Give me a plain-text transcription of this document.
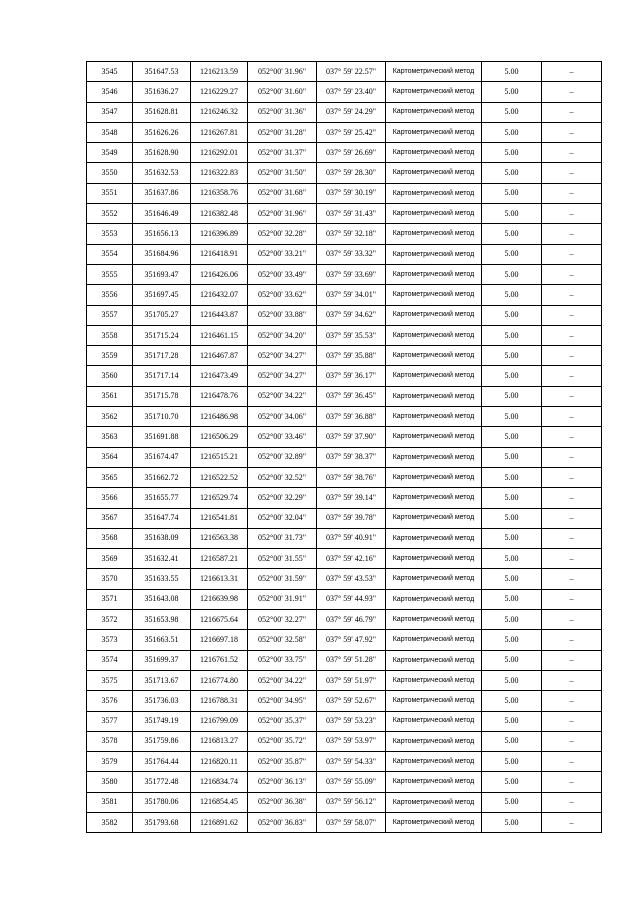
3545	351647.53	1216213.59	052°00' 31.96"	037° 59' 22.57"	Картометрический метод	5.00	–
3546	351636.27	1216229.27	052°00' 31.60"	037° 59' 23.40"	Картометрический метод	5.00	–
3547	351628.81	1216246.32	052°00' 31.36"	037° 59' 24.29"	Картометрический метод	5.00	–
3548	351626.26	1216267.81	052°00' 31.28"	037° 59' 25.42"	Картометрический метод	5.00	–
3549	351628.90	1216292.01	052°00' 31.37"	037° 59' 26.69"	Картометрический метод	5.00	–
3550	351632.53	1216322.83	052°00' 31.50"	037° 59' 28.30"	Картометрический метод	5.00	–
3551	351637.86	1216358.76	052°00' 31.68"	037° 59' 30.19"	Картометрический метод	5.00	–
3552	351646.49	1216382.48	052°00' 31.96"	037° 59' 31.43"	Картометрический метод	5.00	–
3553	351656.13	1216396.89	052°00' 32.28"	037° 59' 32.18"	Картометрический метод	5.00	–
3554	351684.96	1216418.91	052°00' 33.21"	037° 59' 33.32"	Картометрический метод	5.00	–
3555	351693.47	1216426.06	052°00' 33.49"	037° 59' 33.69"	Картометрический метод	5.00	–
3556	351697.45	1216432.07	052°00' 33.62"	037° 59' 34.01"	Картометрический метод	5.00	–
3557	351705.27	1216443.87	052°00' 33.88"	037° 59' 34.62"	Картометрический метод	5.00	–
3558	351715.24	1216461.15	052°00' 34.20"	037° 59' 35.53"	Картометрический метод	5.00	–
3559	351717.28	1216467.87	052°00' 34.27"	037° 59' 35.88"	Картометрический метод	5.00	–
3560	351717.14	1216473.49	052°00' 34.27"	037° 59' 36.17"	Картометрический метод	5.00	–
3561	351715.78	1216478.76	052°00' 34.22"	037° 59' 36.45"	Картометрический метод	5.00	–
3562	351710.70	1216486.98	052°00' 34.06"	037° 59' 36.88"	Картометрический метод	5.00	–
3563	351691.88	1216506.29	052°00' 33.46"	037° 59' 37.90"	Картометрический метод	5.00	–
3564	351674.47	1216515.21	052°00' 32.89"	037° 59' 38.37"	Картометрический метод	5.00	–
3565	351662.72	1216522.52	052°00' 32.52"	037° 59' 38.76"	Картометрический метод	5.00	–
3566	351655.77	1216529.74	052°00' 32.29"	037° 59' 39.14"	Картометрический метод	5.00	–
3567	351647.74	1216541.81	052°00' 32.04"	037° 59' 39.78"	Картометрический метод	5.00	–
3568	351638.09	1216563.38	052°00' 31.73"	037° 59' 40.91"	Картометрический метод	5.00	–
3569	351632.41	1216587.21	052°00' 31.55"	037° 59' 42.16"	Картометрический метод	5.00	–
3570	351633.55	1216613.31	052°00' 31.59"	037° 59' 43.53"	Картометрический метод	5.00	–
3571	351643.08	1216639.98	052°00' 31.91"	037° 59' 44.93"	Картометрический метод	5.00	–
3572	351653.98	1216675.64	052°00' 32.27"	037° 59' 46.79"	Картометрический метод	5.00	–
3573	351663.51	1216697.18	052°00' 32.58"	037° 59' 47.92"	Картометрический метод	5.00	–
3574	351699.37	1216761.52	052°00' 33.75"	037° 59' 51.28"	Картометрический метод	5.00	–
3575	351713.67	1216774.80	052°00' 34.22"	037° 59' 51.97"	Картометрический метод	5.00	–
3576	351736.03	1216788.31	052°00' 34.95"	037° 59' 52.67"	Картометрический метод	5.00	–
3577	351749.19	1216799.09	052°00' 35.37"	037° 59' 53.23"	Картометрический метод	5.00	–
3578	351759.86	1216813.27	052°00' 35.72"	037° 59' 53.97"	Картометрический метод	5.00	–
3579	351764.44	1216820.11	052°00' 35.87"	037° 59' 54.33"	Картометрический метод	5.00	–
3580	351772.48	1216834.74	052°00' 36.13"	037° 59' 55.09"	Картометрический метод	5.00	–
3581	351780.06	1216854.45	052°00' 36.38"	037° 59' 56.12"	Картометрический метод	5.00	–
3582	351793.68	1216891.62	052°00' 36.83"	037° 59' 58.07"	Картометрический метод	5.00	–
